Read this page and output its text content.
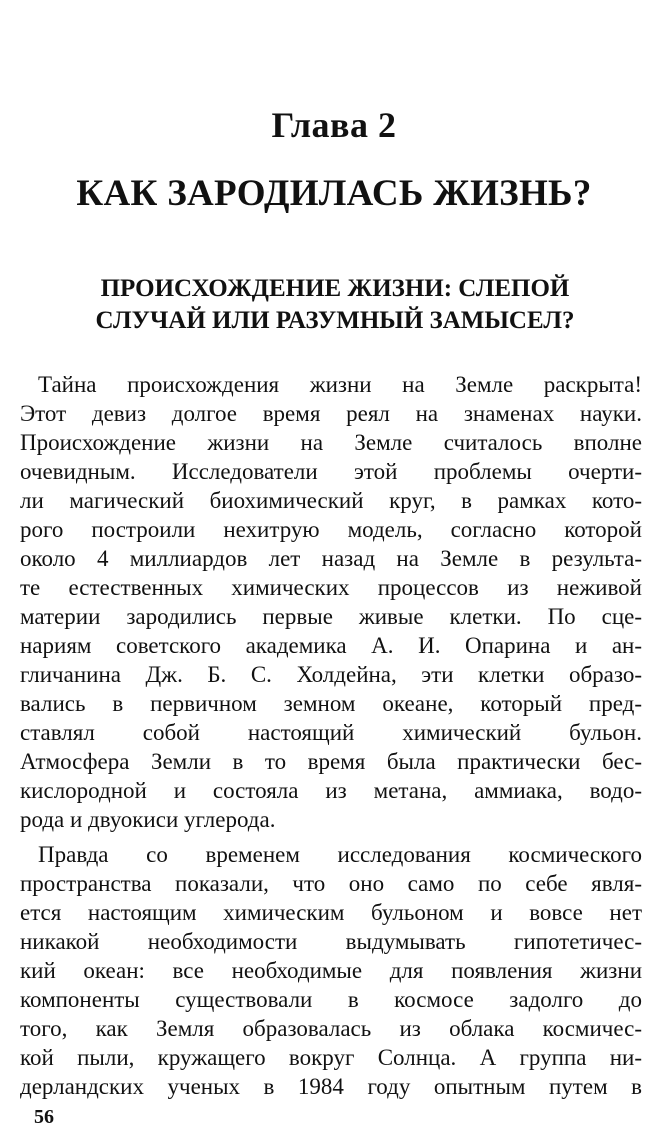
Глава 2
КАК ЗАРОДИЛАСЬ ЖИЗНЬ?
ПРОИСХОЖДЕНИЕ ЖИЗНИ: СЛЕПОЙ
СЛУЧАЙ ИЛИ РАЗУМНЫЙ ЗАМЫСЕЛ?
Тайна происхождения жизни на Земле раскрыта!
Этот девиз долгое время реял на знаменах науки.
Происхождение жизни на Земле считалось вполне
очевидным. Исследователи этой проблемы очерти-
ли магический биохимический круг, в рамках кото-
рого построили нехитрую модель, согласно которой
около 4 миллиардов лет назад на Земле в результа-
те естественных химических процессов из неживой
материи зародились первые живые клетки. По сце-
нариям советского академика А. И. Опарина и ан-
гличанина Дж. Б. С. Холдейна, эти клетки образо-
вались в первичном земном океане, который пред-
ставлял собой настоящий химический бульон.
Атмосфера Земли в то время была практически бес-
кислородной и состояла из метана, аммиака, водо-
рода и двуокиси углерода.
Правда со временем исследования космического
пространства показали, что оно само по себе явля-
ется настоящим химическим бульоном и вовсе нет
никакой необходимости выдумывать гипотетичес-
кий океан: все необходимые для появления жизни
компоненты существовали в космосе задолго до
того, как Земля образовалась из облака космичес-
кой пыли, кружащего вокруг Солнца. А группа ни-
дерландских ученых в 1984 году опытным путем в
56
